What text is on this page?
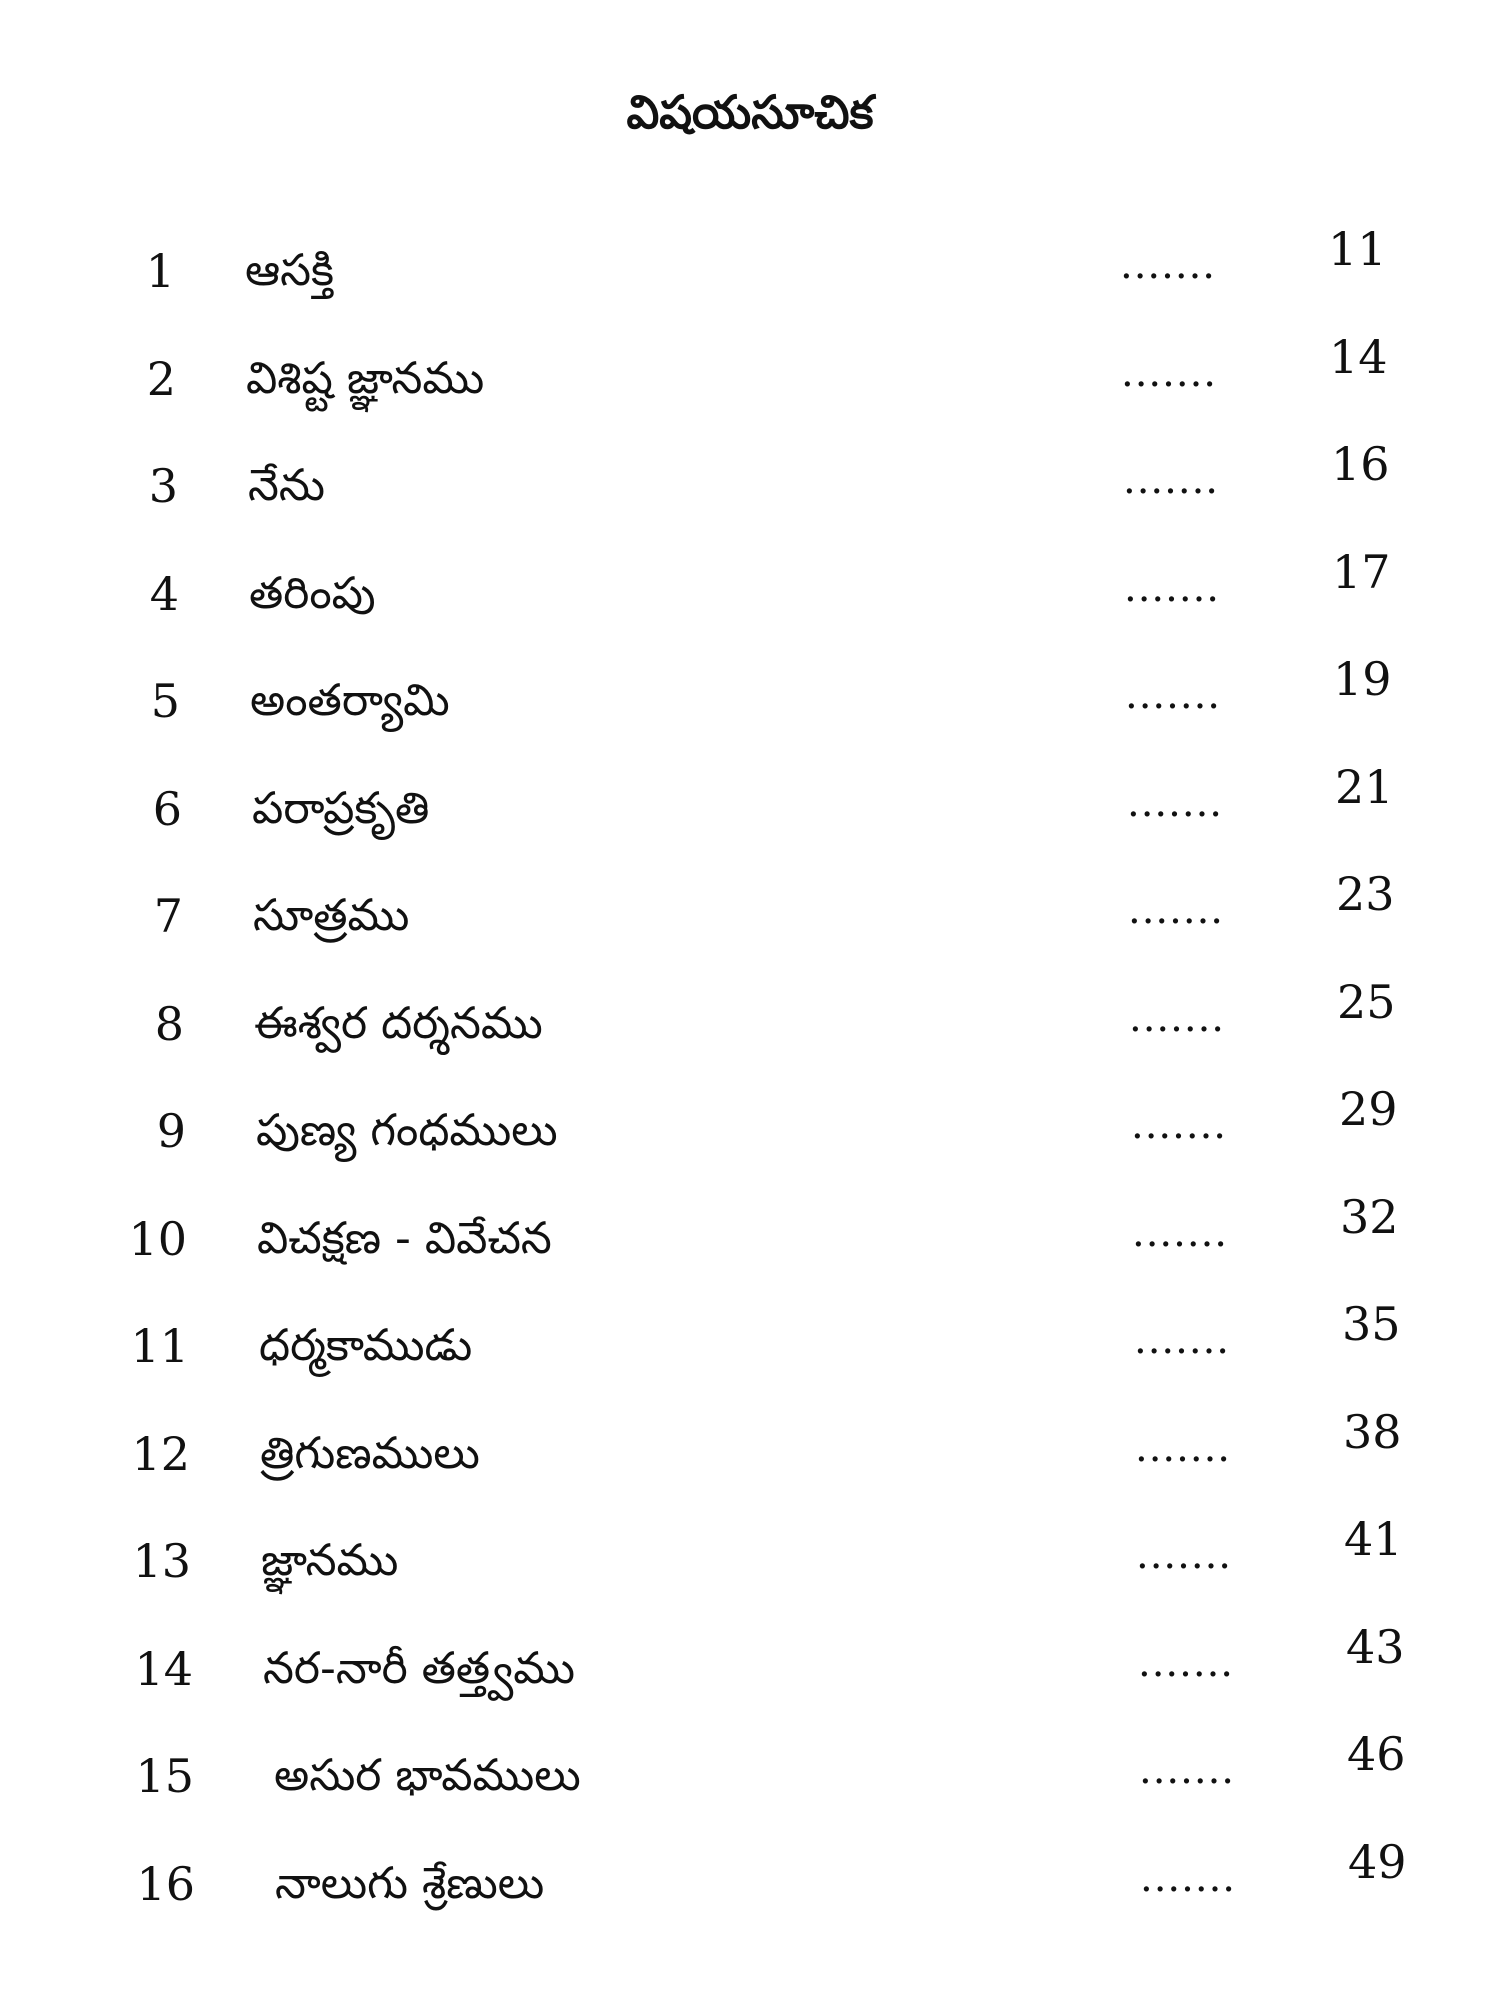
విషయసూచిక
1 ఆసక్తి	....... 11
2 విశిష్ట జ్ఞానము	....... 14
3 నేను	....... 16
4 తరింపు	....... 17
5 అంతర్యామి	....... 19
6 పరాప్రకృతి	....... 21
7 సూత్రము	....... 23
8 ఈశ్వర దర్శనము	....... 25
9 పుణ్య గంధములు	....... 29
10 విచక్షణ - వివేచన	....... 32
11 ధర్మకాముడు	....... 35
12 త్రిగుణములు	....... 38
13 జ్ఞానము	....... 41
14 నర-నారీ తత్త్వము	....... 43
15 అసుర భావములు	....... 46
16 నాలుగు శ్రేణులు	....... 49
